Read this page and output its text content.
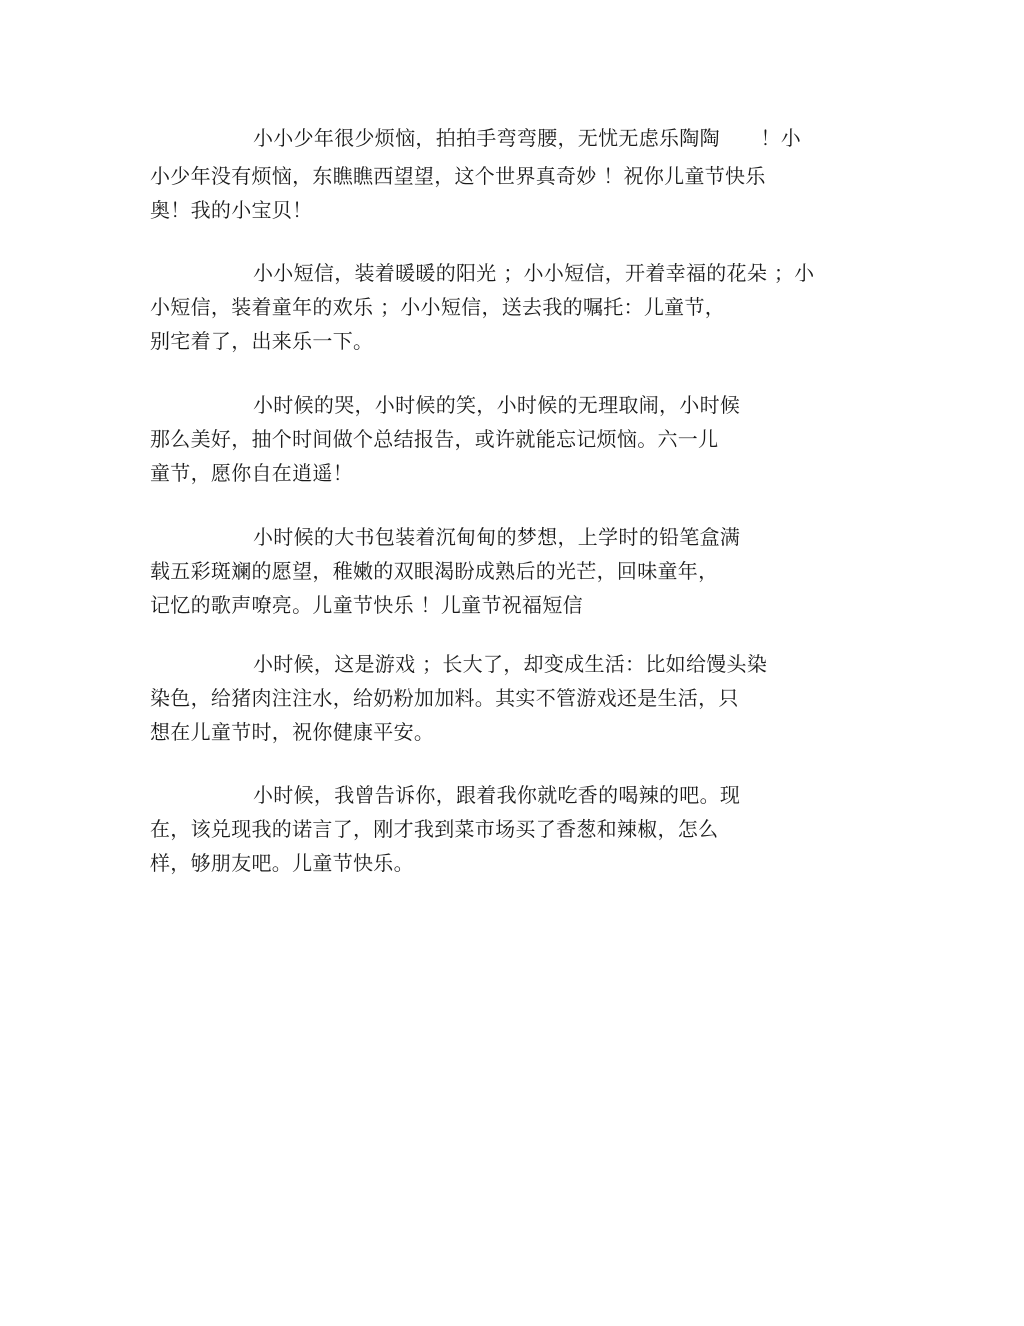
小小少年很少烦恼，拍拍手弯弯腰，无忧无虑乐陶陶　　！小
小少年没有烦恼，东瞧瞧西望望，这个世界真奇妙 ！祝你儿童节快乐
奥！我的小宝贝！

小小短信，装着暖暖的阳光 ；小小短信，开着幸福的花朵 ；小
小短信，装着童年的欢乐 ；小小短信，送去我的嘱托：儿童节，
别宅着了，出来乐一下。

小时候的哭，小时候的笑，小时候的无理取闹，小时候
那么美好，抽个时间做个总结报告，或许就能忘记烦恼。六一儿
童节，愿你自在逍遥！

小时候的大书包装着沉甸甸的梦想，上学时的铅笔盒满
载五彩斑斓的愿望，稚嫩的双眼渴盼成熟后的光芒，回味童年，
记忆的歌声嘹亮。儿童节快乐 ！儿童节祝福短信

小时候，这是游戏 ；长大了，却变成生活：比如给馒头染
染色，给猪肉注注水，给奶粉加加料。其实不管游戏还是生活，只
想在儿童节时，祝你健康平安。

小时候，我曾告诉你，跟着我你就吃香的喝辣的吧。现
在，该兑现我的诺言了，刚才我到菜市场买了香葱和辣椒，怎么
样，够朋友吧。儿童节快乐。
